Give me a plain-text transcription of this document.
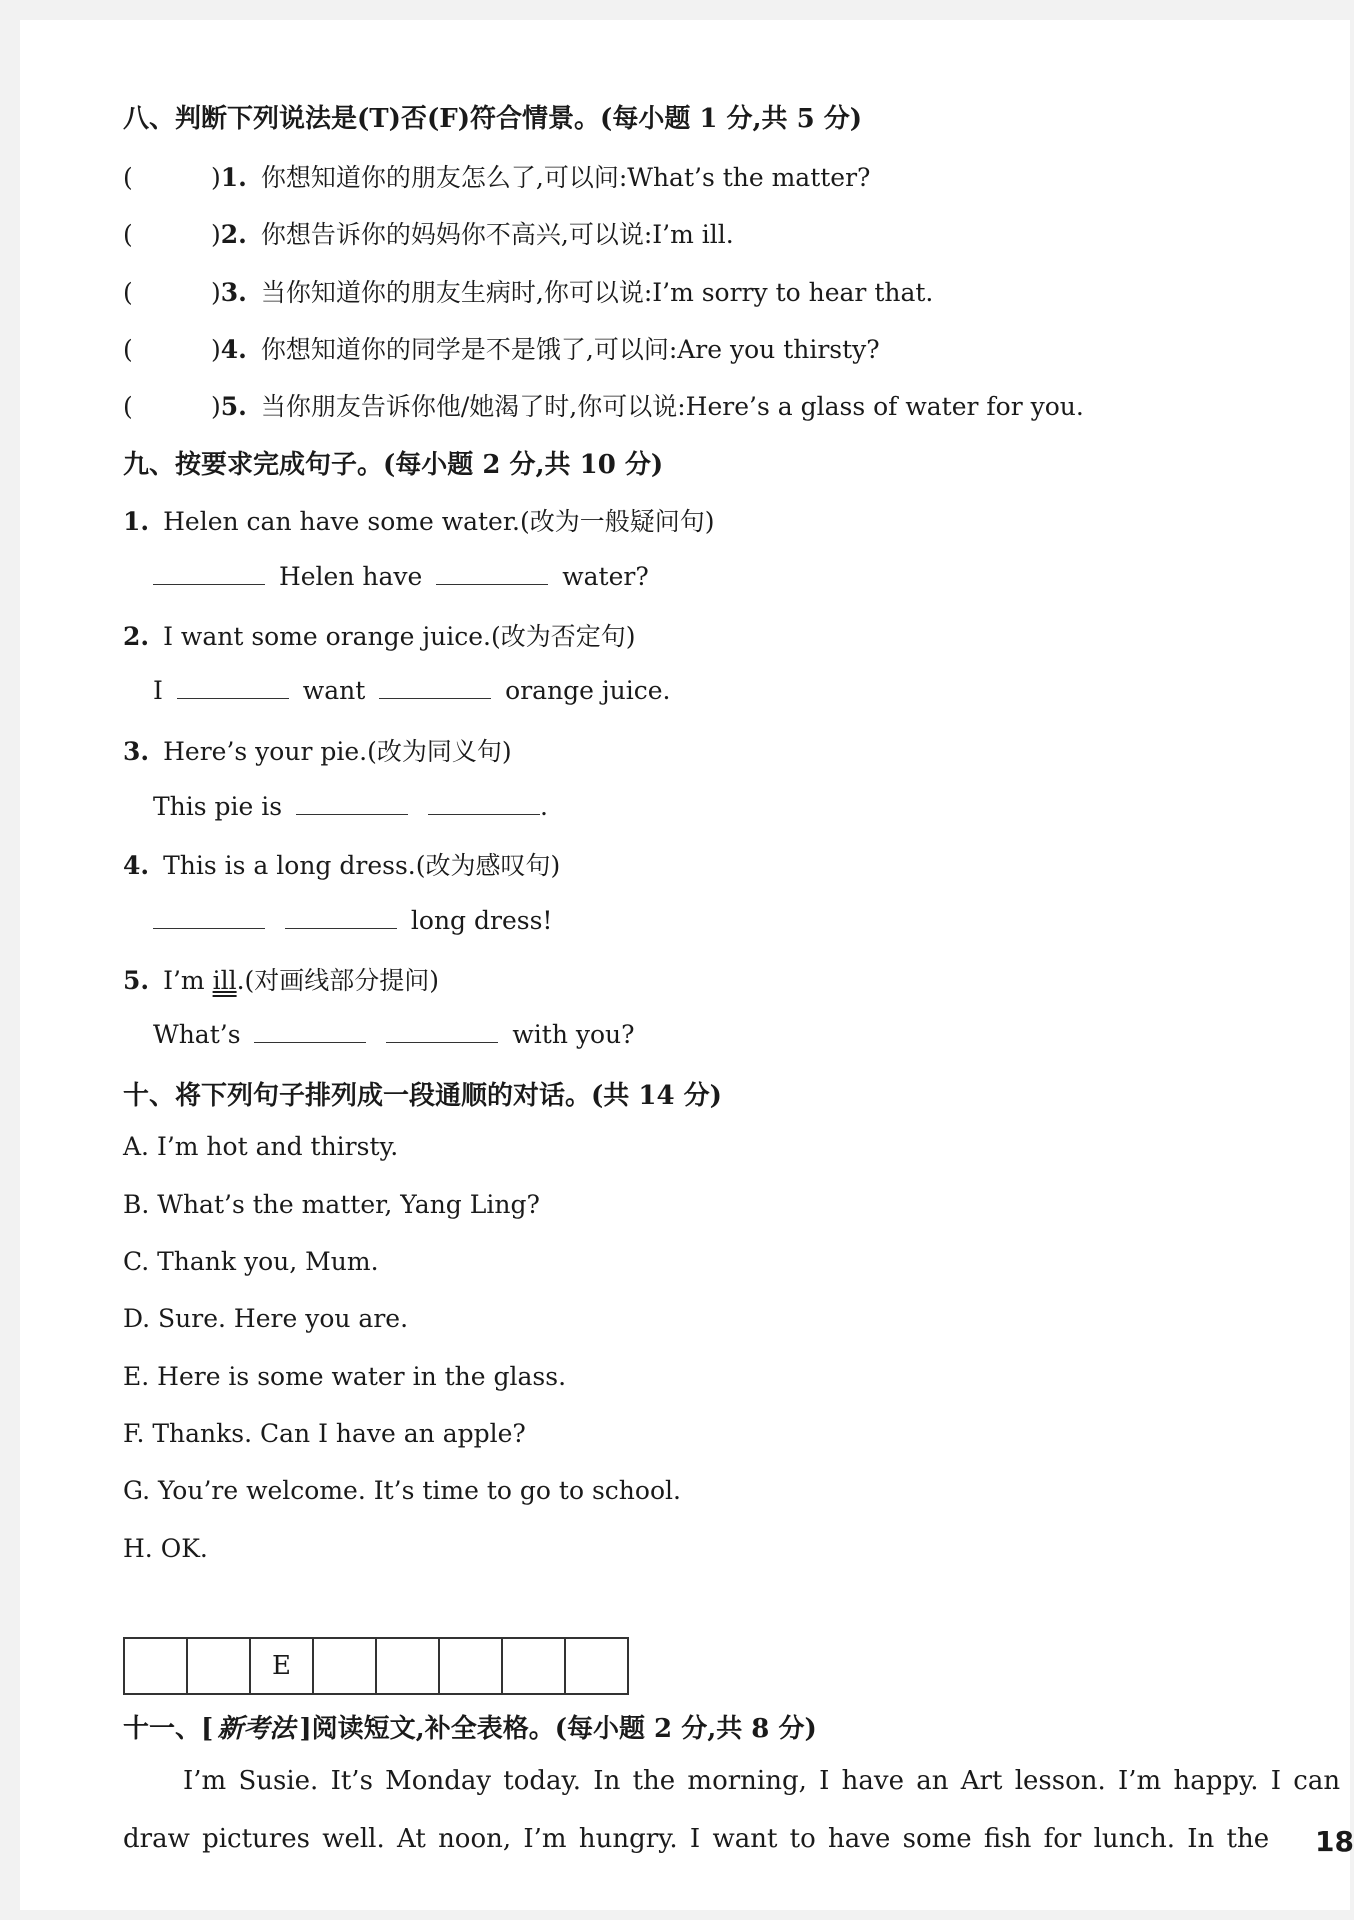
八、判断下列说法是(T)否(F)符合情景。(每小题 1 分,共 5 分)
(	)1. 你想知道你的朋友怎么了,可以问:What’s the matter?
(	)2. 你想告诉你的妈妈你不高兴,可以说:I’m ill.
(	)3. 当你知道你的朋友生病时,你可以说:I’m sorry to hear that.
(	)4. 你想知道你的同学是不是饿了,可以问:Are you thirsty?
(	)5. 当你朋友告诉你他/她渴了时,你可以说:Here’s a glass of water for you.
九、按要求完成句子。(每小题 2 分,共 10 分)
1. Helen can have some water.(改为一般疑问句)
Helen have	water?
2. I want some orange juice.(改为否定句)
I	want	orange juice.
3. Here’s your pie.(改为同义句)
This pie is	.
4. This is a long dress.(改为感叹句)
long dress!
5. I’m ill.(对画线部分提问)
What’s	with you?
十、将下列句子排列成一段通顺的对话。(共 14 分)
A. I’m hot and thirsty.
B. What’s the matter, Yang Ling?
C. Thank you, Mum.
D. Sure. Here you are.
E. Here is some water in the glass.
F. Thanks. Can I have an apple?
G. You’re welcome. It’s time to go to school.
H. OK.
E
十一、[ 新考法 ]阅读短文,补全表格。(每小题 2 分,共 8 分)
I’m Susie. It’s Monday today. In the morning, I have an Art lesson. I’m happy. I can
draw pictures well. At noon, I’m hungry. I want to have some fish for lunch. In the 18
